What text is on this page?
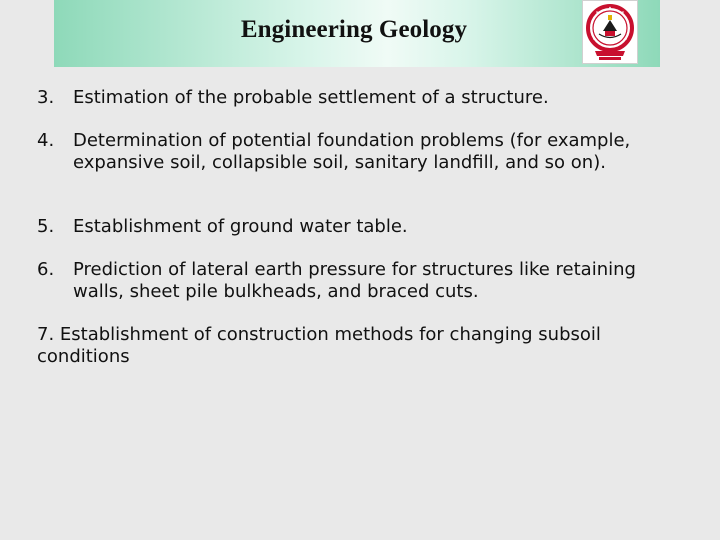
Engineering Geology
3. Estimation of the probable settlement of a structure.
4. Determination of potential foundation problems (for example, expansive soil, collapsible soil, sanitary landfill, and so on).
5. Establishment of ground water table.
6. Prediction of lateral earth pressure for structures like retaining walls, sheet pile bulkheads, and braced cuts.
7. Establishment of construction methods for changing subsoil conditions
